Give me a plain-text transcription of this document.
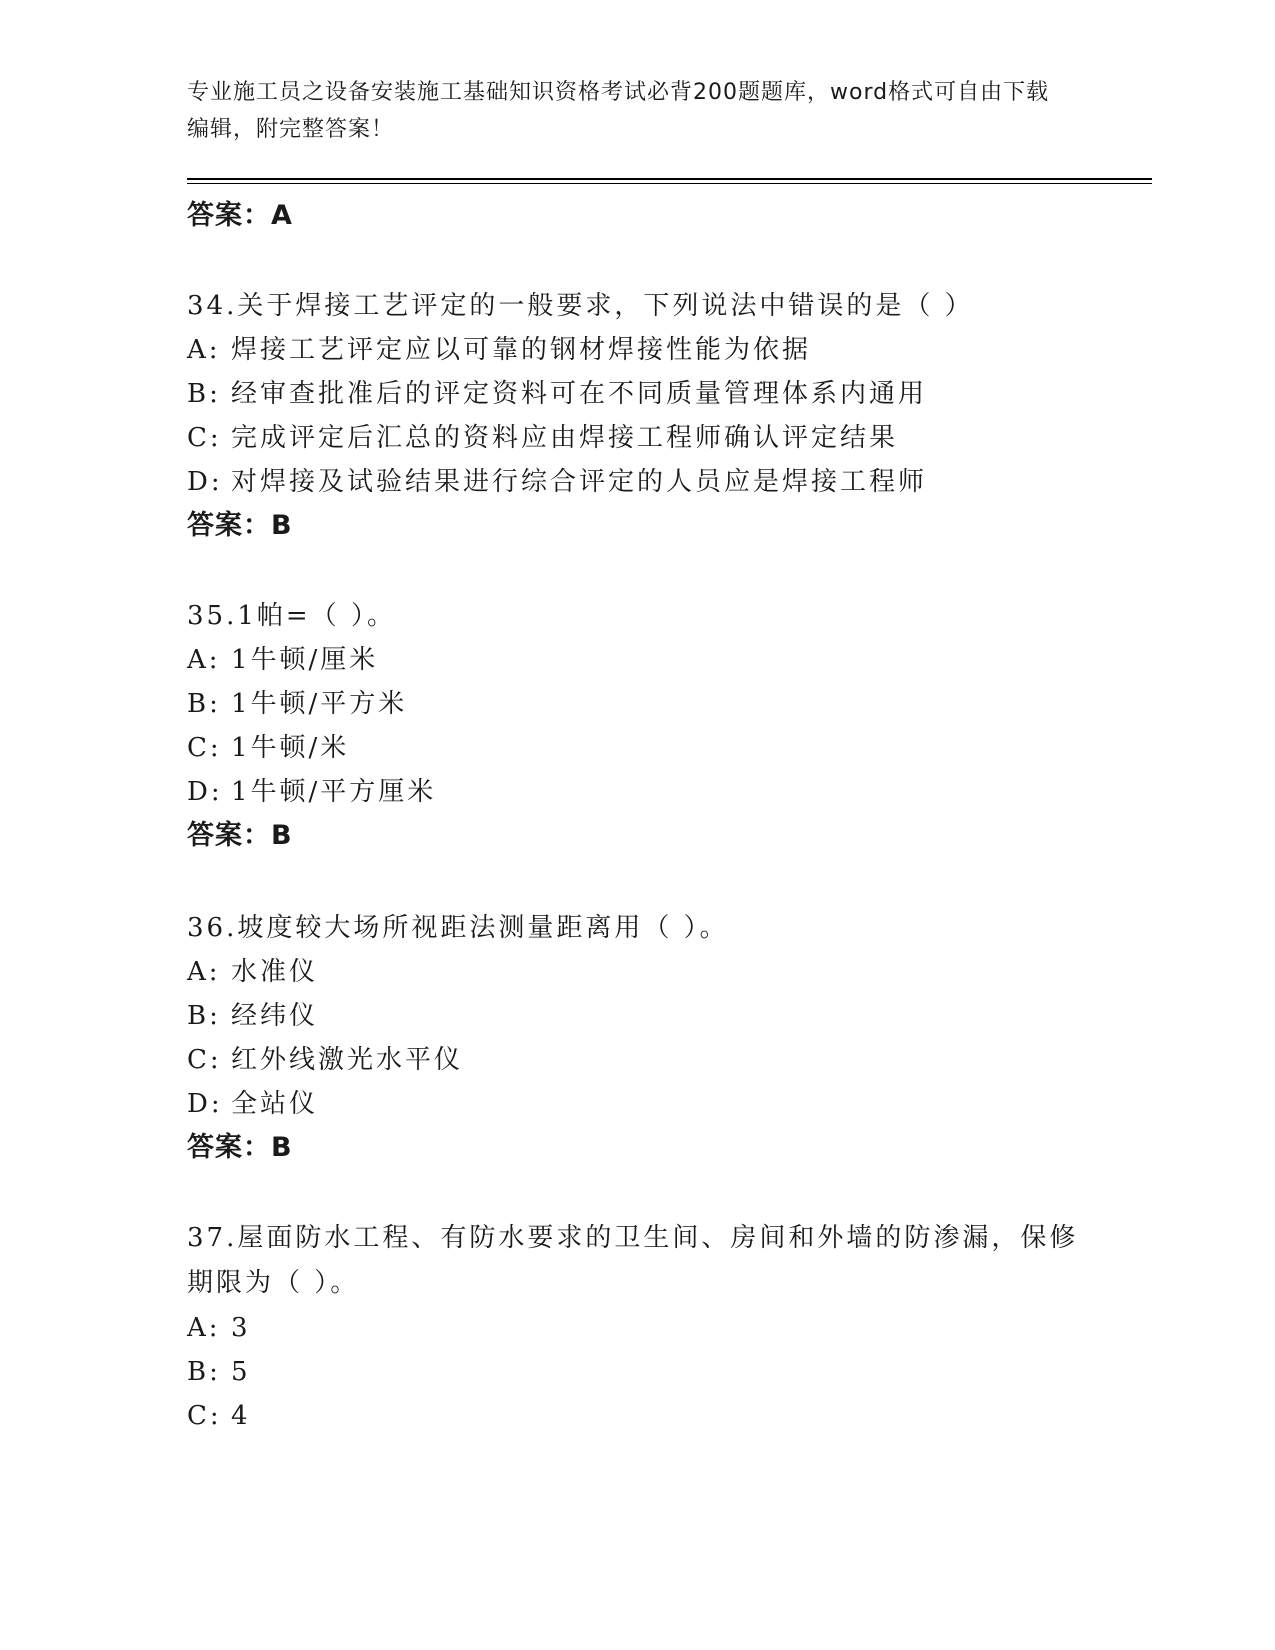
专业施工员之设备安装施工基础知识资格考试必背200题题库，word格式可自由下载编辑，附完整答案！
答案：A
34.关于焊接工艺评定的一般要求，下列说法中错误的是（ ）
A: 焊接工艺评定应以可靠的钢材焊接性能为依据
B: 经审查批准后的评定资料可在不同质量管理体系内通用
C: 完成评定后汇总的资料应由焊接工程师确认评定结果
D: 对焊接及试验结果进行综合评定的人员应是焊接工程师
答案：B
35.1帕=（ ）。
A: 1牛顿/厘米
B: 1牛顿/平方米
C: 1牛顿/米
D: 1牛顿/平方厘米
答案：B
36.坡度较大场所视距法测量距离用（ ）。
A: 水准仪
B: 经纬仪
C: 红外线激光水平仪
D: 全站仪
答案：B
37.屋面防水工程、有防水要求的卫生间、房间和外墙的防渗漏，保修期限为（ ）。
A: 3
B: 5
C: 4
